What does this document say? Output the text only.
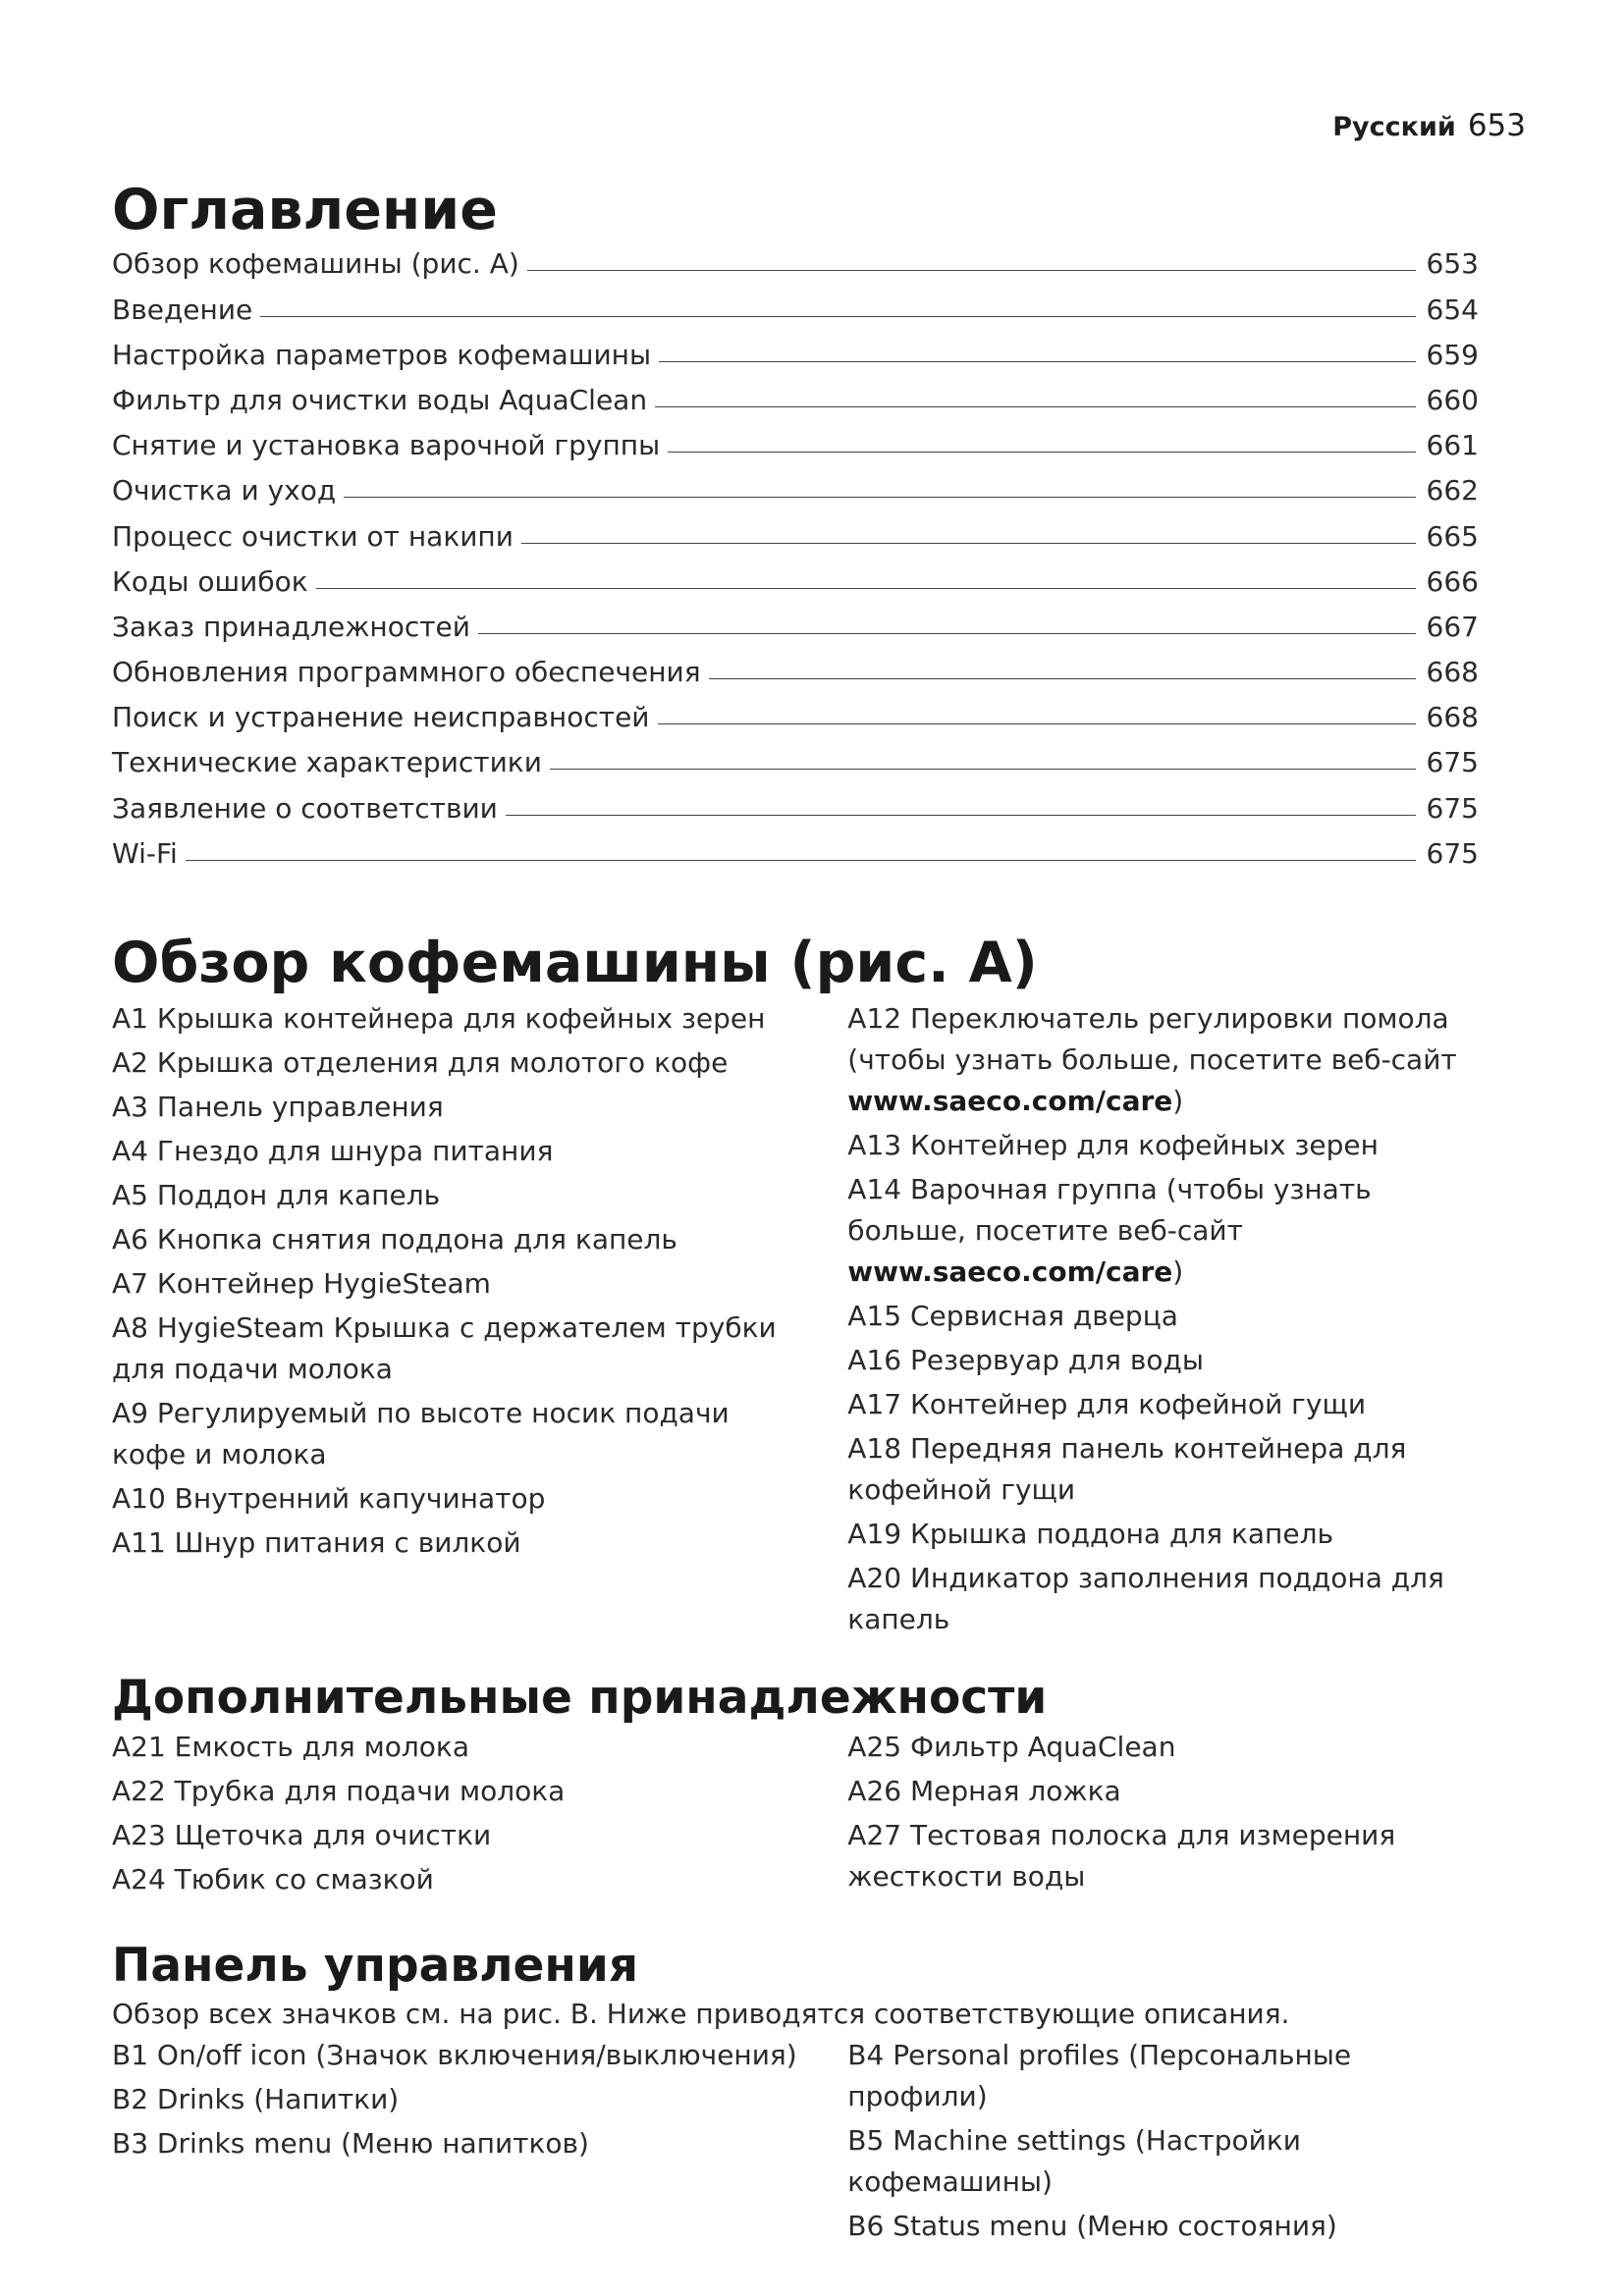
Русский 653
Оглавление
Обзор кофемашины (рис. A)	653
Введение	654
Настройка параметров кофемашины	659
Фильтр для очистки воды AquaClean	660
Снятие и установка варочной группы	661
Очистка и уход	662
Процесс очистки от накипи	665
Коды ошибок	666
Заказ принадлежностей	667
Обновления программного обеспечения	668
Поиск и устранение неисправностей	668
Технические характеристики	675
Заявление о соответствии	675
Wi-Fi	675
Обзор кофемашины (рис. A)
A1 Крышка контейнера для кофейных зерен
A2 Крышка отделения для молотого кофе
A3 Панель управления
A4 Гнездо для шнура питания
A5 Поддон для капель
A6 Кнопка снятия поддона для капель
A7 Контейнер HygieSteam
A8 HygieSteam Крышка с держателем трубки для подачи молока
A9 Регулируемый по высоте носик подачи кофе и молока
A10 Внутренний капучинатор
A11 Шнур питания с вилкой
A12 Переключатель регулировки помола (чтобы узнать больше, посетите веб-сайт www.saeco.com/care)
A13 Контейнер для кофейных зерен
A14 Варочная группа (чтобы узнать больше, посетите веб-сайт www.saeco.com/care)
A15 Сервисная дверца
A16 Резервуар для воды
A17 Контейнер для кофейной гущи
A18 Передняя панель контейнера для кофейной гущи
A19 Крышка поддона для капель
A20 Индикатор заполнения поддона для капель
Дополнительные принадлежности
A21 Емкость для молока
A22 Трубка для подачи молока
A23 Щеточка для очистки
A24 Тюбик со смазкой
A25 Фильтр AquaClean
A26 Мерная ложка
A27 Тестовая полоска для измерения жесткости воды
Панель управления
Обзор всех значков см. на рис. B. Ниже приводятся соответствующие описания.
B1 On/off icon (Значок включения/выключения)
B2 Drinks (Напитки)
B3 Drinks menu (Меню напитков)
B4 Personal profiles (Персональные профили)
B5 Machine settings (Настройки кофемашины)
B6 Status menu (Меню состояния)
